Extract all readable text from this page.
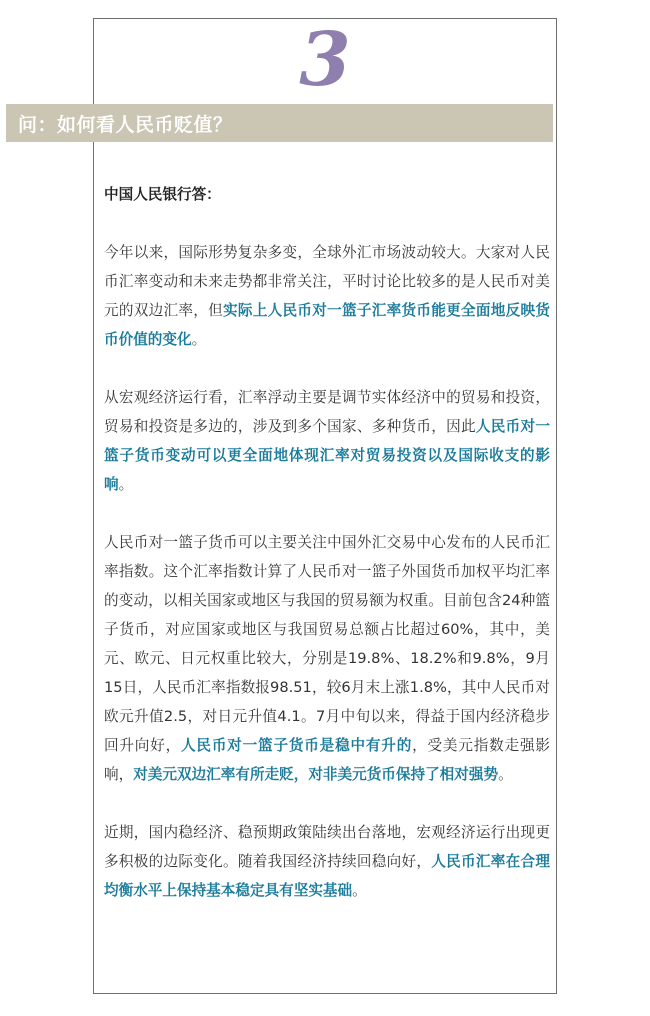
3
问：如何看人民币贬值？

中国人民银行答：

今年以来，国际形势复杂多变，全球外汇市场波动较大。大家对人民币汇率变动和未来走势都非常关注，平时讨论比较多的是人民币对美元的双边汇率，但实际上人民币对一篮子汇率货币能更全面地反映货币价值的变化。

从宏观经济运行看，汇率浮动主要是调节实体经济中的贸易和投资，贸易和投资是多边的，涉及到多个国家、多种货币，因此人民币对一篮子货币变动可以更全面地体现汇率对贸易投资以及国际收支的影响。

人民币对一篮子货币可以主要关注中国外汇交易中心发布的人民币汇率指数。这个汇率指数计算了人民币对一篮子外国货币加权平均汇率的变动，以相关国家或地区与我国的贸易额为权重。目前包含24种篮子货币，对应国家或地区与我国贸易总额占比超过60%，其中，美元、欧元、日元权重比较大，分别是19.8%、18.2%和9.8%，9月15日，人民币汇率指数报98.51，较6月末上涨1.8%，其中人民币对欧元升值2.5，对日元升值4.1。7月中旬以来，得益于国内经济稳步回升向好，人民币对一篮子货币是稳中有升的，受美元指数走强影响，对美元双边汇率有所走贬，对非美元货币保持了相对强势。

近期，国内稳经济、稳预期政策陆续出台落地，宏观经济运行出现更多积极的边际变化。随着我国经济持续回稳向好，人民币汇率在合理均衡水平上保持基本稳定具有坚实基础。
